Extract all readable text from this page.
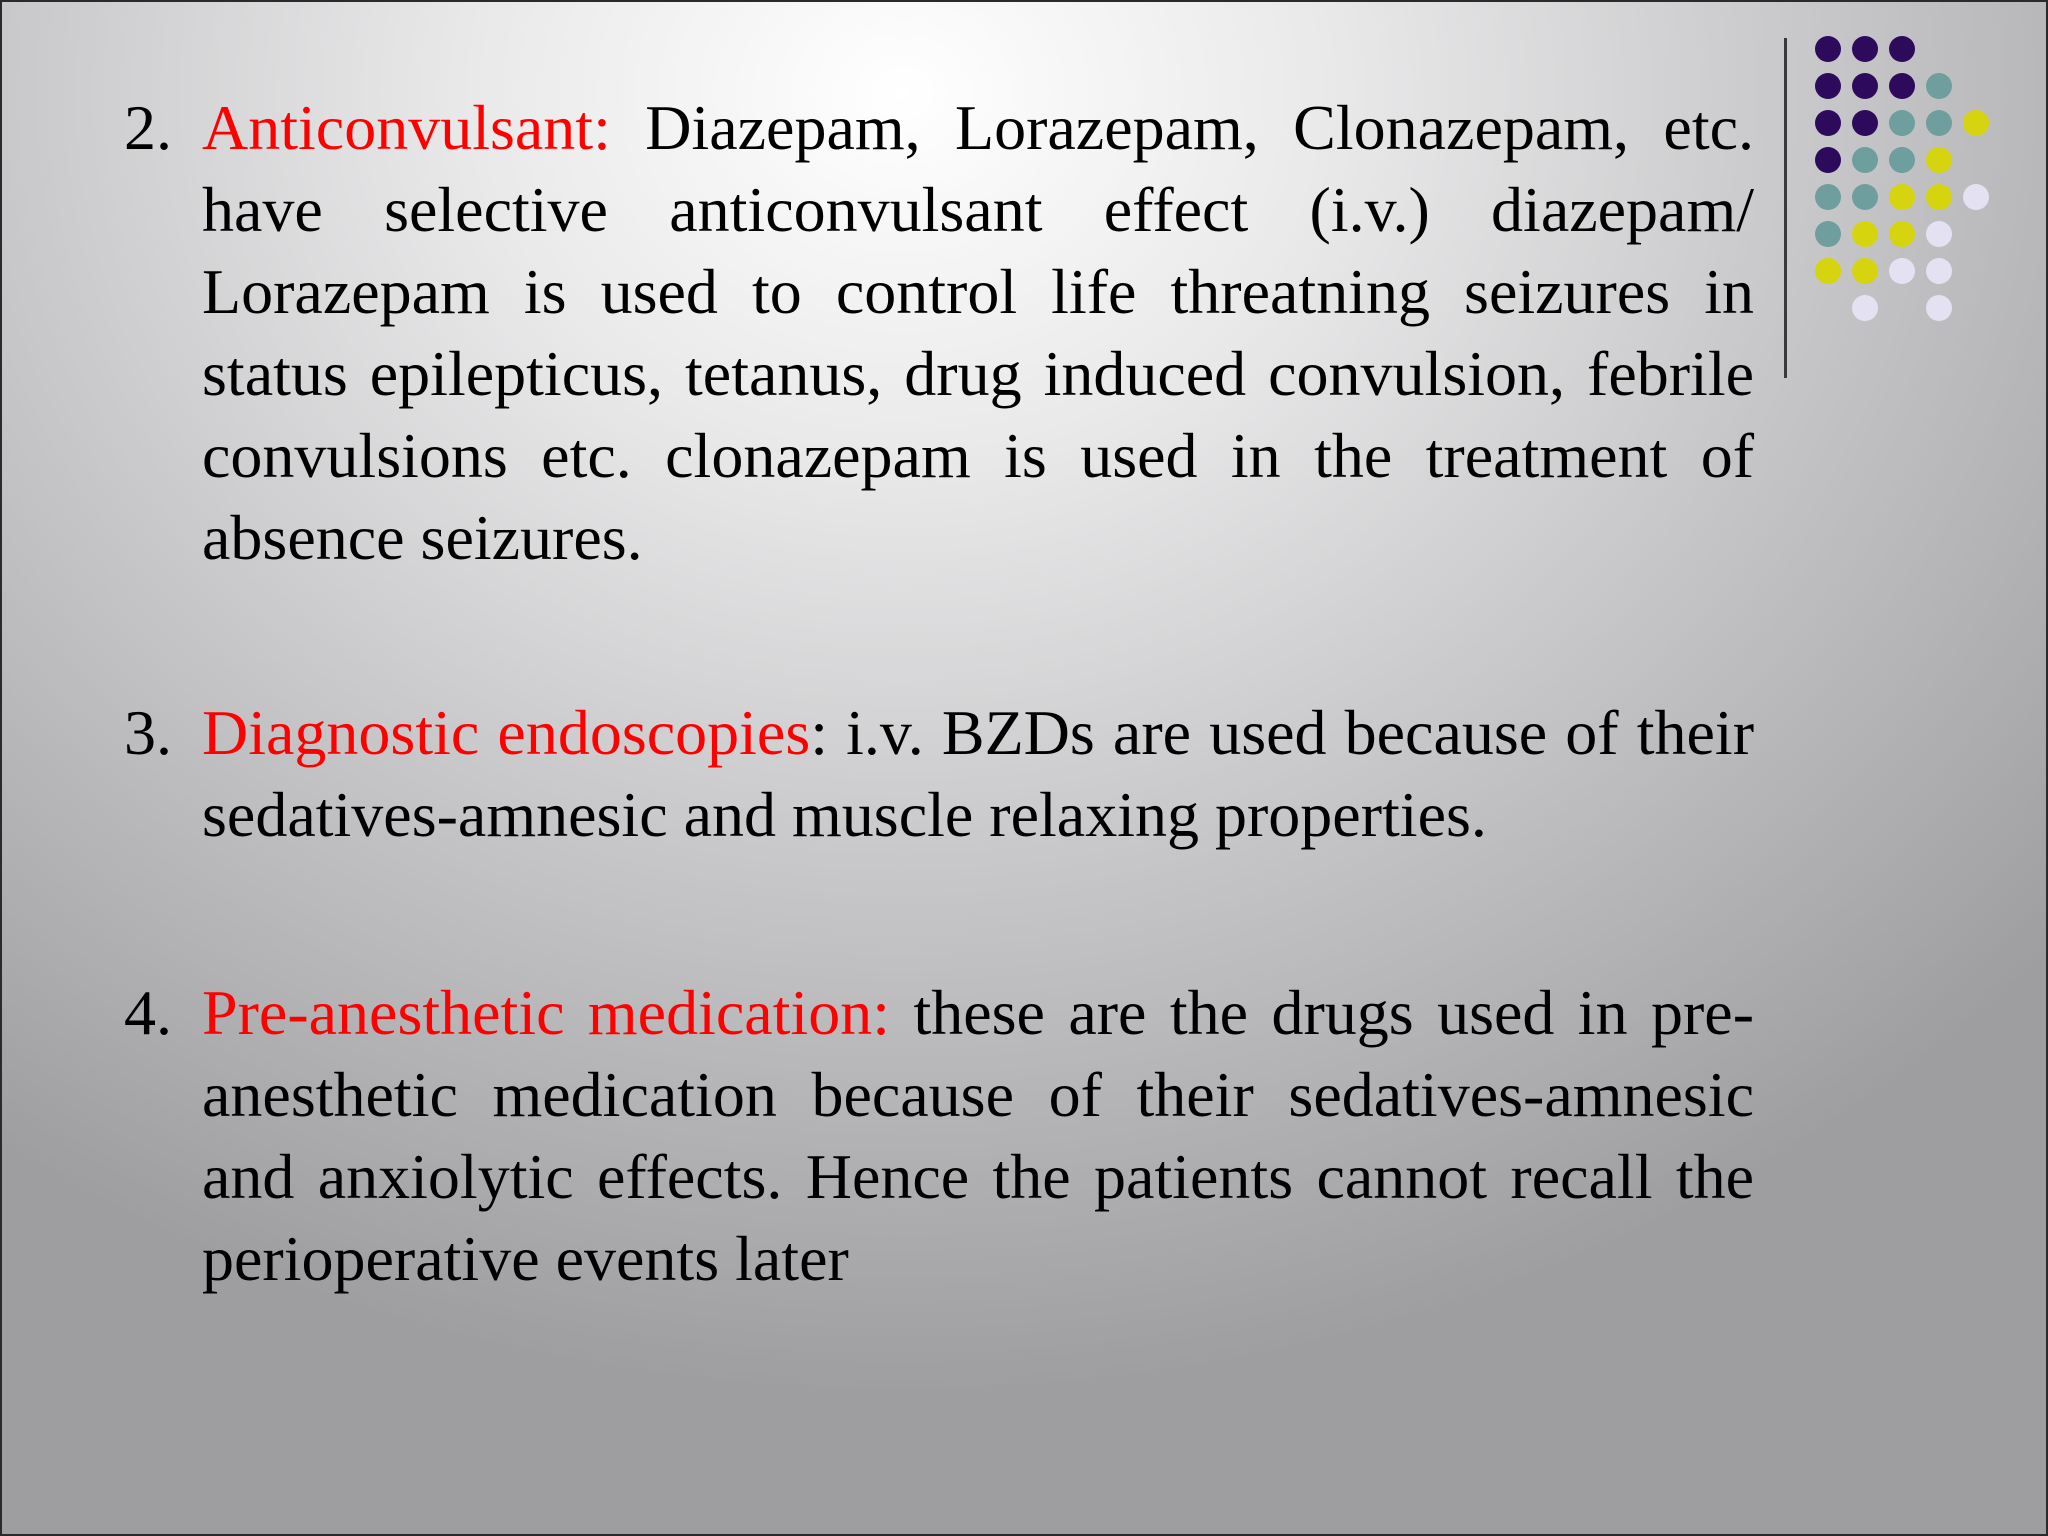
2. Anticonvulsant: Diazepam, Lorazepam, Clonazepam, etc. have selective anticonvulsant effect (i.v.) diazepam/ Lorazepam is used to control life threatning seizures in status epilepticus, tetanus, drug induced convulsion, febrile convulsions etc. clonazepam is used in the treatment of absence seizures.
3. Diagnostic endoscopies: i.v. BZDs are used because of their sedatives-amnesic and muscle relaxing properties.
4. Pre-anesthetic medication: these are the drugs used in pre-anesthetic medication because of their sedatives-amnesic and anxiolytic effects. Hence the patients cannot recall the perioperative events later
